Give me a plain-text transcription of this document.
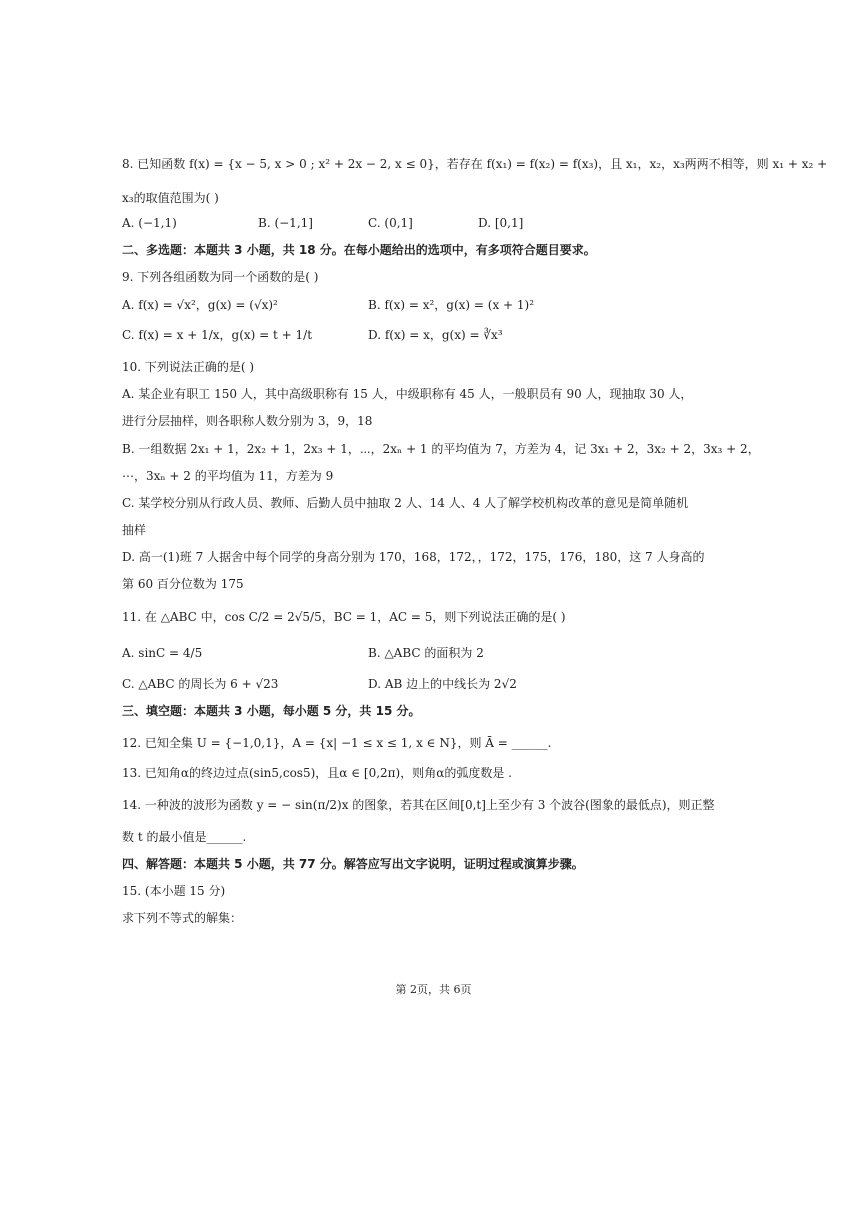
8. 已知函数 f(x) = {x − 5, x > 0 ; x² + 2x − 2, x ≤ 0}，若存在 f(x₁) = f(x₂) = f(x₃)，且 x₁，x₂，x₃两两不相等，则 x₁ + x₂ +
x₃的取值范围为( )
A. (−1,1)	B. (−1,1]	C. (0,1]	D. [0,1]
二、多选题：本题共 3 小题，共 18 分。在每小题给出的选项中，有多项符合题目要求。
9. 下列各组函数为同一个函数的是( )
A. f(x) = √x²，g(x) = (√x)²	B. f(x) = x²，g(x) = (x + 1)²
C. f(x) = x + 1/x，g(x) = t + 1/t	D. f(x) = x，g(x) = ∛x³
10. 下列说法正确的是( )
A. 某企业有职工 150 人，其中高级职称有 15 人，中级职称有 45 人，一般职员有 90 人，现抽取 30 人，
进行分层抽样，则各职称人数分别为 3，9，18
B. 一组数据 2x₁ + 1，2x₂ + 1，2x₃ + 1，⋯，2xₙ + 1 的平均值为 7，方差为 4，记 3x₁ + 2，3x₂ + 2，3x₃ + 2，
⋯，3xₙ + 2 的平均值为 11，方差为 9
C. 某学校分别从行政人员、教师、后勤人员中抽取 2 人、14 人、4 人了解学校机构改革的意见是简单随机
抽样
D. 高一(1)班 7 人据舍中每个同学的身高分别为 170，168，172，，172，175，176，180，这 7 人身高的
第 60 百分位数为 175
11. 在 △ABC 中，cos C/2 = 2√5/5，BC = 1，AC = 5，则下列说法正确的是( )
A. sinC = 4/5	B. △ABC 的面积为 2
C. △ABC 的周长为 6 + √23	D. AB 边上的中线长为 2√2
三、填空题：本题共 3 小题，每小题 5 分，共 15 分。
12. 已知全集 U = {−1,0,1}，A = {x| −1 ≤ x ≤ 1, x ∈ N}，则 Ā = ______.
13. 已知角α的终边过点(sin5,cos5)，且α ∈ [0,2π)，则角α的弧度数是 .
14. 一种波的波形为函数 y = − sin(π/2)x 的图象，若其在区间[0,t]上至少有 3 个波谷(图象的最低点)，则正整
数 t 的最小值是______.
四、解答题：本题共 5 小题，共 77 分。解答应写出文字说明，证明过程或演算步骤。
15. (本小题 15 分)
求下列不等式的解集：
第 2页，共 6页
